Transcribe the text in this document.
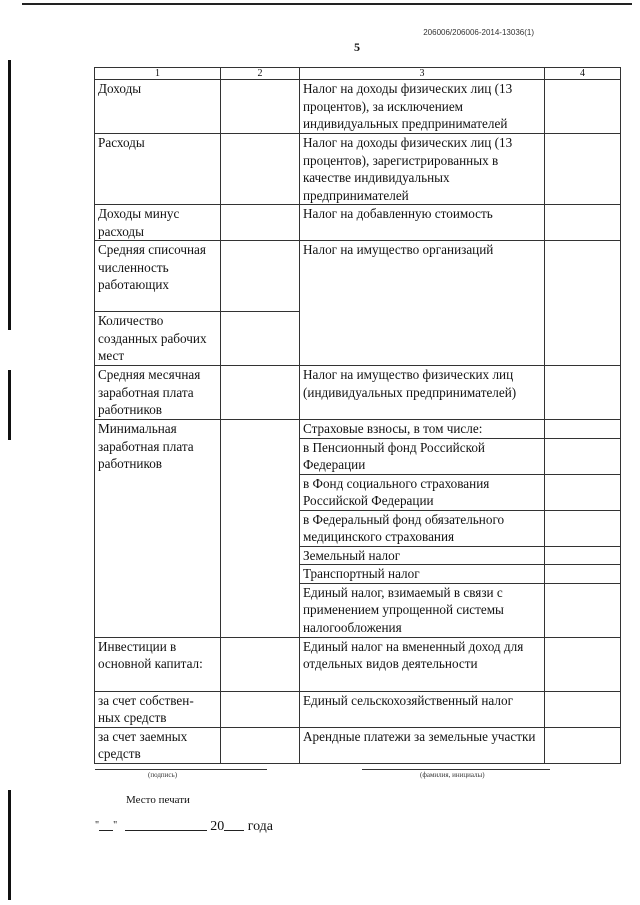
206006/206006-2014-13036(1)
5
1	2	3	4
Доходы		Налог на доходы физических лиц (13 процентов), за исключением индивидуальных предпринимателей	
Расходы		Налог на доходы физических лиц (13 процентов), зарегистрированных в качестве индивидуальных предпринимателей	
Доходы минус расходы		Налог на добавленную стоимость	
Средняя списочная численность работающих		Налог на имущество организаций	
Количество созданных рабочих мест			
Средняя месячная заработная плата работников		Налог на имущество физических лиц (индивидуальных предпринимателей)	
Минимальная заработная плата работников		Страховые взносы, в том числе:	
		в Пенсионный фонд Российской Федерации	
		в Фонд социального страхования Российской Федерации	
		в Федеральный фонд обязательного медицинского страхования	
		Земельный налог	
		Транспортный налог	
		Единый налог, взимаемый в связи с применением упрощенной системы налогообложения	
Инвестиции в основной капитал:		Единый налог на вмененный доход для отдельных видов деятельности	
за счет собствен- ных средств		Единый сельскохозяйственный налог	
за счет заемных средств		Арендные платежи за земельные участки	
(подпись)	(фамилия, инициалы)
Место печати
" "	20 года
